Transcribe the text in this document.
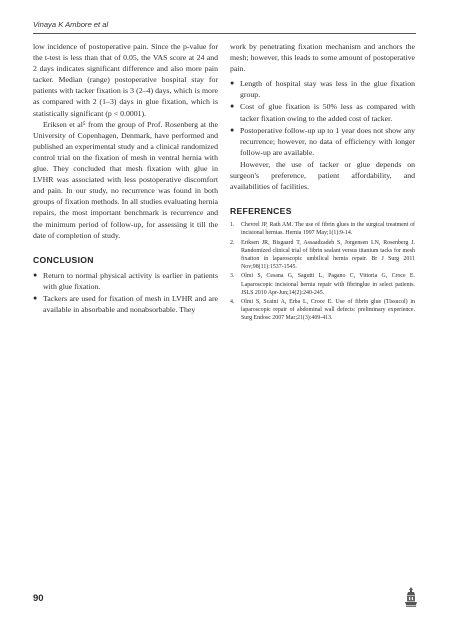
Vinaya K Ambore et al

low incidence of postoperative pain. Since the p-value for the t-test is less than that of 0.05, the VAS score at 24 and 2 days indicates significant difference and also more pain tacker. Median (range) postoperative hospital stay for patients with tacker fixation is 3 (2–4) days, which is more as compared with 2 (1–3) days in glue fixation, which is statistically significant (p < 0.0001).

Eriksen et al⁵ from the group of Prof. Rosenberg at the University of Copenhagen, Denmark, have performed and published an experimental study and a clinical randomized control trial on the fixation of mesh in ventral hernia with glue. They concluded that mesh fixation with glue in LVHR was associated with less postoperative discomfort and pain. In our study, no recurrence was found in both groups of fixation methods. In all studies evaluating hernia repairs, the most important benchmark is recurrence and the minimum period of follow-up, for assessing it till the date of completion of study.

CONCLUSION
● Return to normal physical activity is earlier in patients with glue fixation.
● Tackers are used for fixation of mesh in LVHR and are available in absorbable and nonabsorbable. They

work by penetrating fixation mechanism and anchors the mesh; however, this leads to some amount of postoperative pain.

● Length of hospital stay was less in the glue fixation group.
● Cost of glue fixation is 50% less as compared with tacker fixation owing to the added cost of tacker.
● Postoperative follow-up up to 1 year does not show any recurrence; however, no data of efficiency with longer follow-up are available.

However, the use of tacker or glue depends on surgeon's preference, patient affordability, and availabilities of facilities.

REFERENCES
1. Chevrel JP, Rath AM. The use of fibrin glues in the surgical treatment of incisional hernias. Hernia 1997 May;1(1):9-14.
2. Eriksen JR, Bisgaard T, Assaadzadeh S, Jorgensen LN, Rosenberg J. Randomized clinical trial of fibrin sealant versus titanium tacks for mesh fixation in laparoscopic umbilical hernia repair. Br J Surg 2011 Nov;98(11):1537-1545.
3. Olmi S, Cesana G, Sagutti L, Pagano C, Vittoria G, Croce E. Laparoscopic incisional hernia repair with fibringlue in select patients. JSLS 2010 Apr-Jun;14(2):240-245.
4. Olmi S, Scaini A, Erba L, Croce E. Use of fibrin glue (Tissucol) in laparoscopic repair of abdominal wall defects: preliminary experience. Surg Endosc 2007 Mar;21(3):409-413.
90
